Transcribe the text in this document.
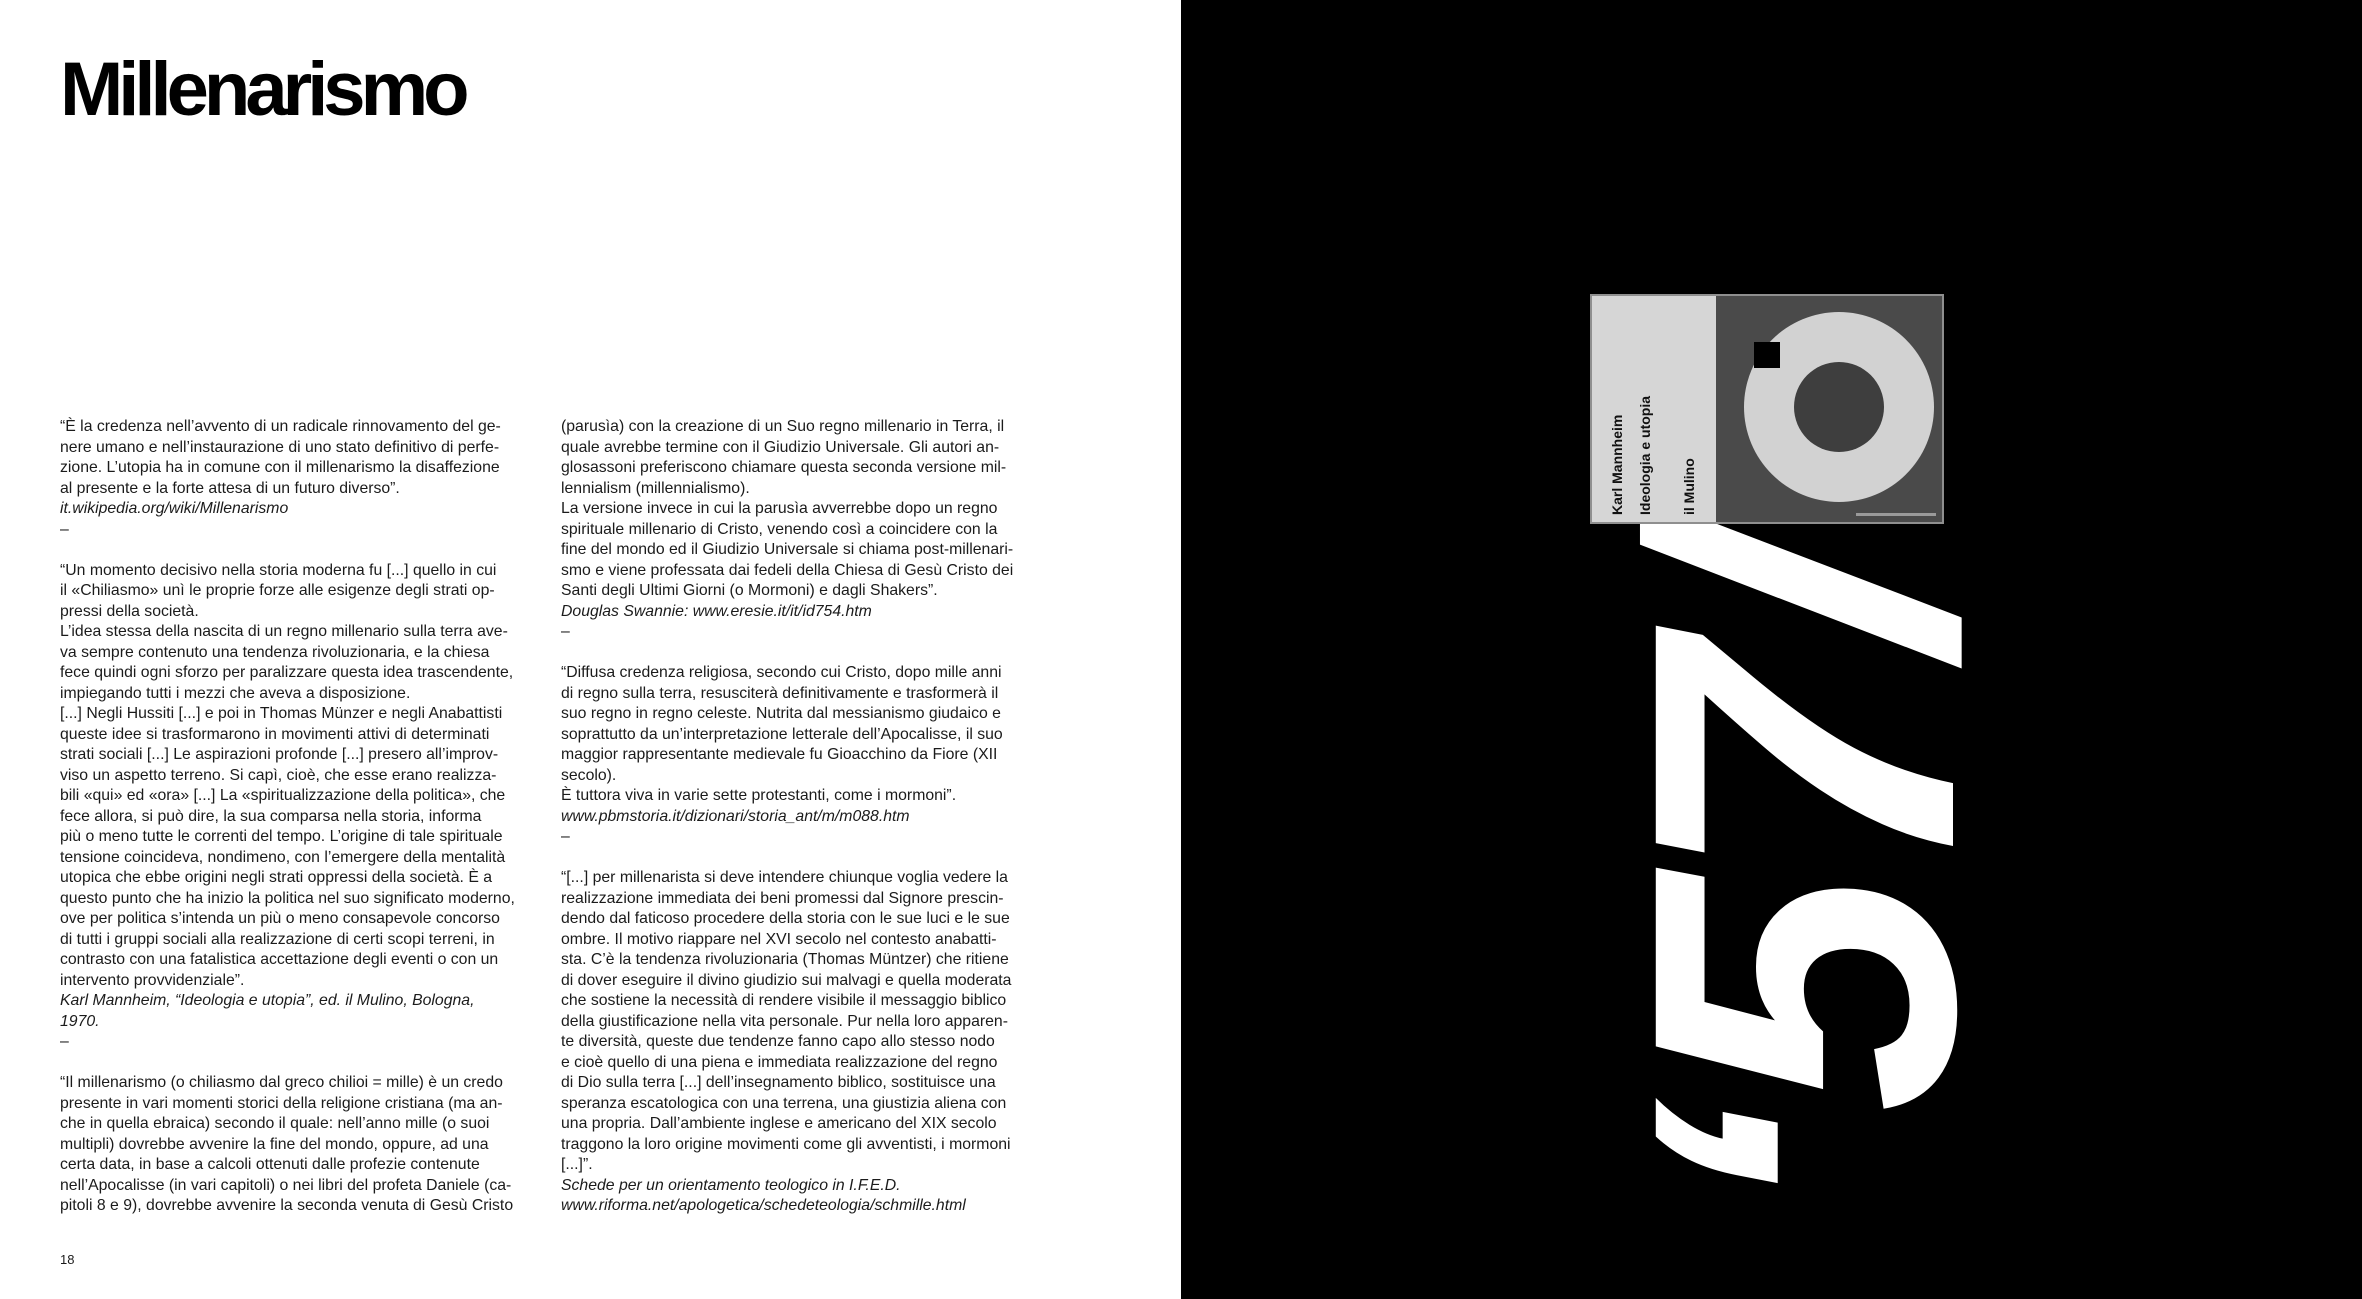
Millenarismo

“È la credenza nell’avvento di un radicale rinnovamento del ge-
nere umano e nell’instaurazione di uno stato definitivo di perfe-
zione. L’utopia ha in comune con il millenarismo la disaffezione
al presente e la forte attesa di un futuro diverso”.

it.wikipedia.org/wiki/Millenarismo

–

“Un momento decisivo nella storia moderna fu [...] quello in cui
il «Chiliasmo» unì le proprie forze alle esigenze degli strati op-
pressi della società.
L’idea stessa della nascita di un regno millenario sulla terra ave-
va sempre contenuto una tendenza rivoluzionaria, e la chiesa
fece quindi ogni sforzo per paralizzare questa idea trascendente,
impiegando tutti i mezzi che aveva a disposizione.
[...] Negli Hussiti [...] e poi in Thomas Münzer e negli Anabattisti
queste idee si trasformarono in movimenti attivi di determinati
strati sociali [...] Le aspirazioni profonde [...] presero all’improv-
viso un aspetto terreno. Si capì, cioè, che esse erano realizza-
bili «qui» ed «ora» [...] La «spiritualizzazione della politica», che
fece allora, si può dire, la sua comparsa nella storia, informa
più o meno tutte le correnti del tempo. L’origine di tale spirituale
tensione coincideva, nondimeno, con l’emergere della mentalità
utopica che ebbe origini negli strati oppressi della società. È a
questo punto che ha inizio la politica nel suo significato moderno,
ove per politica s’intenda un più o meno consapevole concorso
di tutti i gruppi sociali alla realizzazione di certi scopi terreni, in
contrasto con una fatalistica accettazione degli eventi o con un
intervento provvidenziale”.

Karl Mannheim, “Ideologia e utopia”, ed. il Mulino, Bologna,
1970.

–

“Il millenarismo (o chiliasmo dal greco chilioi = mille) è un credo
presente in vari momenti storici della religione cristiana (ma an-
che in quella ebraica) secondo il quale: nell’anno mille (o suoi
multipli) dovrebbe avvenire la fine del mondo, oppure, ad una
certa data, in base a calcoli ottenuti dalle profezie contenute
nell’Apocalisse (in vari capitoli) o nei libri del profeta Daniele (ca-
pitoli 8 e 9), dovrebbe avvenire la seconda venuta di Gesù Cristo

(parusìa) con la creazione di un Suo regno millenario in Terra, il
quale avrebbe termine con il Giudizio Universale. Gli autori an-
glosassoni preferiscono chiamare questa seconda versione mil-
lennialism (millennialismo).
La versione invece in cui la parusìa avverrebbe dopo un regno
spirituale millenario di Cristo, venendo così a coincidere con la
fine del mondo ed il Giudizio Universale si chiama post-millenari-
smo e viene professata dai fedeli della Chiesa di Gesù Cristo dei
Santi degli Ultimi Giorni (o Mormoni) e dagli Shakers”.

Douglas Swannie: www.eresie.it/it/id754.htm

–

“Diffusa credenza religiosa, secondo cui Cristo, dopo mille anni
di regno sulla terra, resusciterà definitivamente e trasformerà il
suo regno in regno celeste. Nutrita dal messianismo giudaico e
soprattutto da un’interpretazione letterale dell’Apocalisse, il suo
maggior rappresentante medievale fu Gioacchino da Fiore (XII
secolo).
È tuttora viva in varie sette protestanti, come i mormoni”.

www.pbmstoria.it/dizionari/storia_ant/m/m088.htm

–

“[...] per millenarista si deve intendere chiunque voglia vedere la
realizzazione immediata dei beni promessi dal Signore prescin-
dendo dal faticoso procedere della storia con le sue luci e le sue
ombre. Il motivo riappare nel XVI secolo nel contesto anabatti-
sta. C’è la tendenza rivoluzionaria (Thomas Müntzer) che ritiene
di dover eseguire il divino giudizio sui malvagi e quella moderata
che sostiene la necessità di rendere visibile il messaggio biblico
della giustificazione nella vita personale. Pur nella loro apparen-
te diversità, queste due tendenze fanno capo allo stesso nodo
e cioè quello di una piena e immediata realizzazione del regno
di Dio sulla terra [...] dell’insegnamento biblico, sostituisce una
speranza escatologica con una terrena, una giustizia aliena con
una propria. Dall’ambiente inglese e americano del XIX secolo
traggono la loro origine movimenti come gli avventisti, i mormoni
[...]”.

Schede per un orientamento teologico in I.F.E.D.
www.riforma.net/apologetica/schedeteologia/schmille.html

18
‘57/
Karl Mannheim Ideologia e utopia il Mulino
